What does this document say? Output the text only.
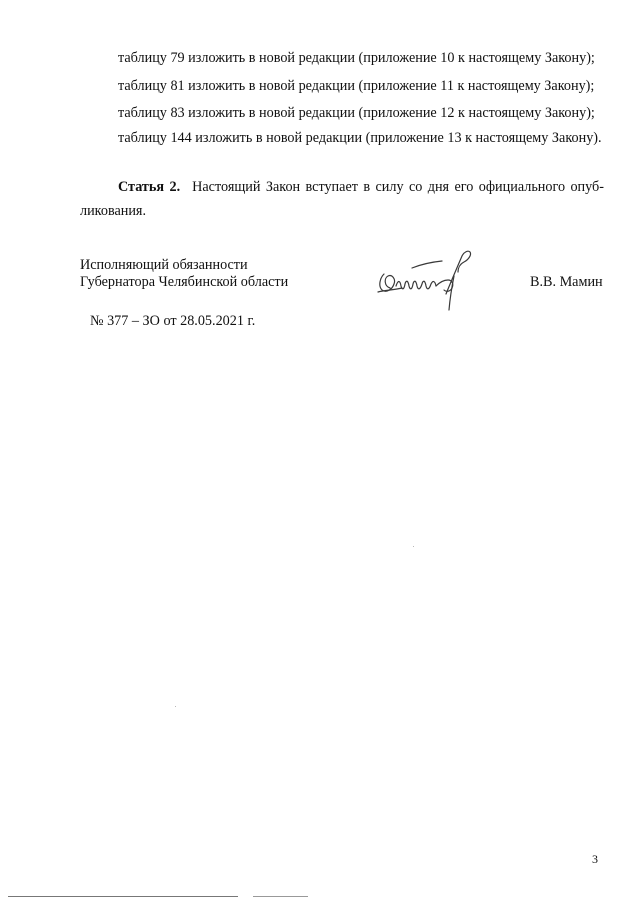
таблицу 79 изложить в новой редакции (приложение 10 к настоящему Закону);
таблицу 81 изложить в новой редакции (приложение 11 к настоящему Закону);
таблицу 83 изложить в новой редакции (приложение 12 к настоящему Закону);
таблицу 144 изложить в новой редакции (приложение 13 к настоящему Закону).
Статья 2. Настоящий Закон вступает в силу со дня его официального опуб-
ликования.
Исполняющий обязанности
Губернатора Челябинской области	В.В. Мамин
№ 377 – ЗО от 28.05.2021 г.
3
